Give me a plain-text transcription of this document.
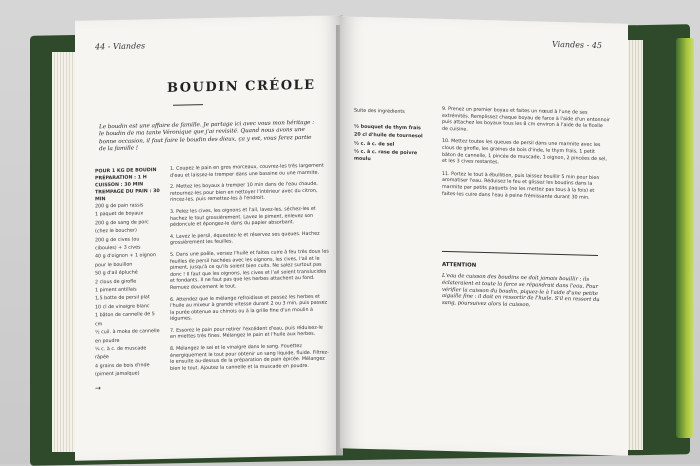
44 - Viandes
BOUDIN CRÉOLE
Le boudin est une affaire de famille. Je partage ici avec vous mon héritage : le boudin de ma tante Véronique que j'ai revisité. Quand nous avons une bonne occasion, il faut faire le boudin des dieux, ça y est, vous ferez partie de la famille !
POUR 1 KG DE BOUDIN
PRÉPARATION : 1 H
CUISSON : 30 MIN
TREMPAGE DU PAIN : 30 MIN
200 g de pain rassis
1 paquet de boyaux
200 g de sang de porc (chez le boucher)
200 g de cives (ou ciboules) + 3 cives
40 g d'oignon + 1 oignon pour le bouillon
50 g d'ail épluché
2 clous de girofle
1 piment antillais
1,5 botte de persil plat
10 cl de vinaigre blanc
1 bâton de cannelle de 5 cm
½ cuil. à moka de cannelle en poudre
¼ c. à c. de muscade râpée
4 grains de bois d'inde (piment jamaïque)
→

1. Coupez le pain en gros morceaux, couvrez-les très largement d'eau et laissez-le tremper dans une bassine ou une marmite.

2. Mettez les boyaux à tremper 10 min dans de l'eau chaude, retournez-les pour bien en nettoyer l'intérieur avec du citron, rincez-les, puis remettez-les à l'endroit.

3. Pelez les cives, les oignons et l'ail, lavez-les, séchez-les et hachez le tout grossièrement. Lavez le piment, enlevez son pédoncule et épongez-le dans du papier absorbant.

4. Lavez le persil, équeutez-le et réservez ses queues. Hachez grossièrement les feuilles.

5. Dans une poêle, versez l'huile et faites cuire à feu très doux les feuilles de persil hachées avec les oignons, les cives, l'ail et le piment, jusqu'à ce qu'ils soient bien cuits. Ne salez surtout pas donc ! Il faut que les oignons, les cives et l'ail soient translucides et fondants. Il ne faut pas que les herbes attachent au fond. Remuez doucement le tout.

6. Attendez que le mélange refroidisse et passez les herbes et l'huile au mixeur à grande vitesse durant 2 ou 3 min, puis passez la purée obtenue au chinois ou à la grille fine d'un moulin à légumes.

7. Essorez le pain pour retirer l'excédent d'eau, puis réduisez-le en miettes très fines. Mélangez le pain et l'huile aux herbes.

8. Mélangez le sel et le vinaigre dans le sang. Fouettez énergiquement le tout pour obtenir un sang liquide, fluide. Filtrez-le ensuite au-dessus de la préparation de pain épicée. Mélangez bien le tout. Ajoutez la cannelle et la muscade en poudre.

Viandes - 45
Suite des ingrédients
½ bouquet de thym frais
20 cl d'huile de tournesol
½ c. à c. de sel
½ c. à c. rase de poivre moulu

9. Prenez un premier boyau et faites un nœud à l'une de ses extrémités. Remplissez chaque boyau de farce à l'aide d'un entonnoir puis attachez les boyaux tous les 8 cm environ à l'aide de la ficelle de cuisine.

10. Mettez toutes les queues de persil dans une marmite avec les clous de girofle, les graines de bois d'inde, le thym frais, 1 petit bâton de cannelle, 1 pincée de muscade, 1 oignon, 2 pincées de sel, et les 3 cives restantes.

11. Portez le tout à ébullition, puis laissez bouillir 5 min pour bien aromatiser l'eau. Réduisez le feu et glissez les boudins dans la marmite par petits paquets (ne les mettez pas tous à la fois) et faites-les cuire dans l'eau à peine frémissante durant 30 min.

ATTENTION
L'eau de cuisson des boudins ne doit jamais bouillir : ils éclateraient et toute la farce se répandrait dans l'eau. Pour vérifier la cuisson du boudin, piquez-le à l'aide d'une petite aiguille fine : il doit en ressortir de l'huile. S'il en ressort du sang, poursuivez alors la cuisson.
